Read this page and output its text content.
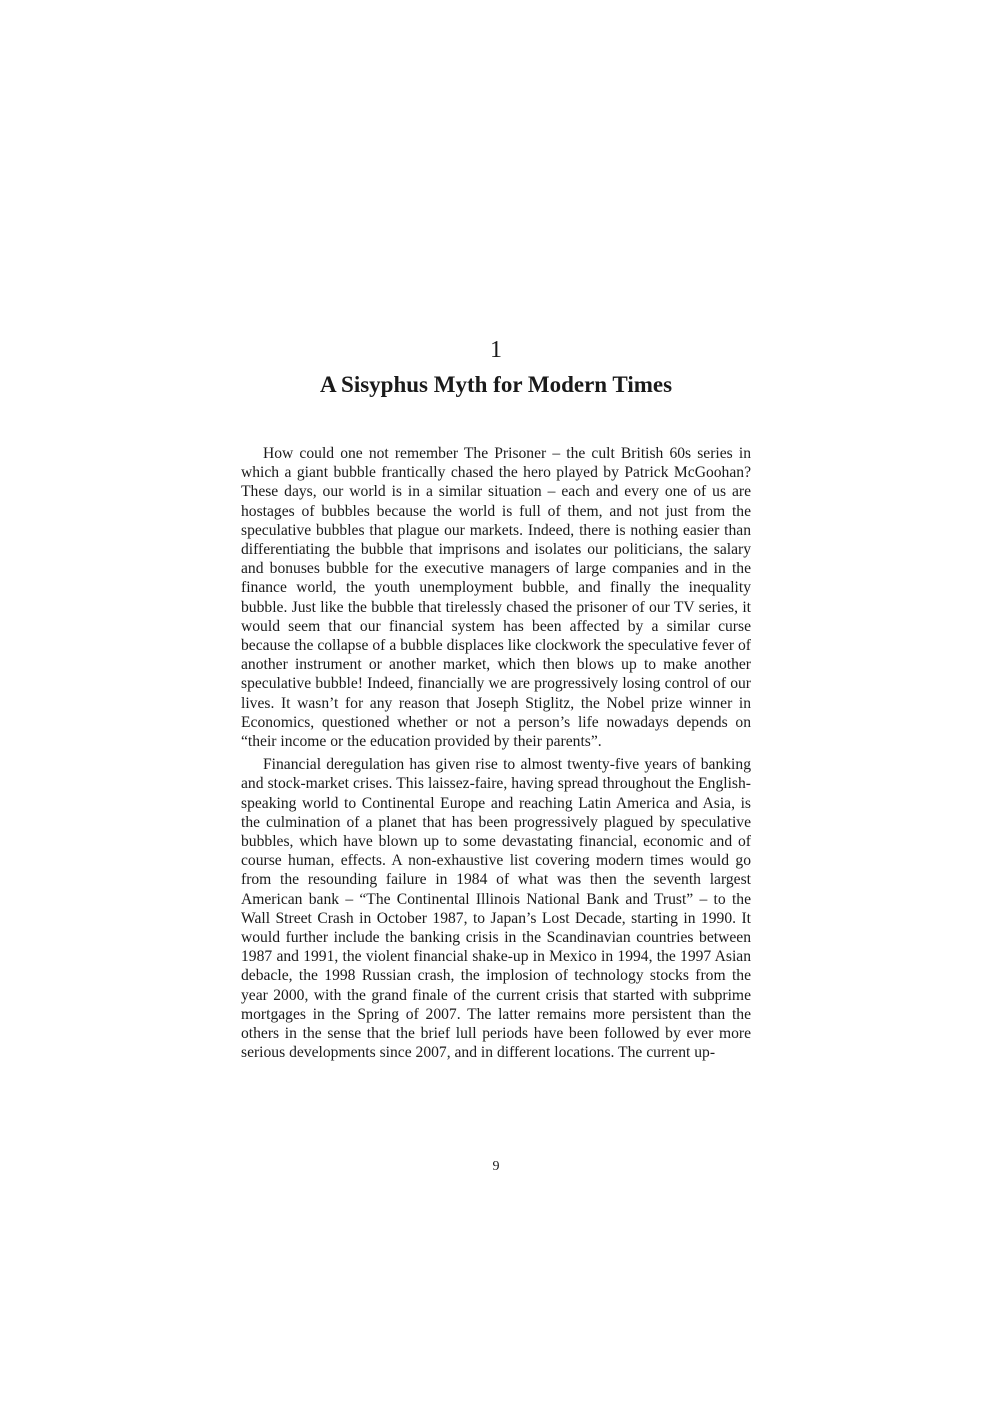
1
A Sisyphus Myth for Modern Times

How could one not remember The Prisoner – the cult British 60s series in which a giant bubble frantically chased the hero played by Patrick McGoohan? These days, our world is in a similar situation – each and every one of us are hostages of bubbles because the world is full of them, and not just from the speculative bubbles that plague our markets. Indeed, there is nothing easier than differentiating the bubble that imprisons and isolates our politicians, the salary and bonuses bubble for the executive managers of large companies and in the finance world, the youth unemployment bubble, and finally the inequality bubble. Just like the bubble that tirelessly chased the prisoner of our TV series, it would seem that our financial system has been affected by a similar curse because the collapse of a bubble displaces like clockwork the speculative fever of another instrument or another market, which then blows up to make another speculative bubble! Indeed, financially we are progressively losing control of our lives. It wasn’t for any reason that Joseph Stiglitz, the Nobel prize winner in Economics, questioned whether or not a person’s life nowadays depends on “their income or the education provided by their parents”.

Financial deregulation has given rise to almost twenty-five years of banking and stock-market crises. This laissez-faire, having spread throughout the English-speaking world to Continental Europe and reaching Latin America and Asia, is the culmination of a planet that has been progressively plagued by speculative bubbles, which have blown up to some devastating financial, economic and of course human, effects. A non-exhaustive list covering modern times would go from the resounding failure in 1984 of what was then the seventh largest American bank – “The Continental Illinois National Bank and Trust” – to the Wall Street Crash in October 1987, to Japan’s Lost Decade, starting in 1990. It would further include the banking crisis in the Scandinavian countries between 1987 and 1991, the violent financial shake-up in Mexico in 1994, the 1997 Asian debacle, the 1998 Russian crash, the implosion of technology stocks from the year 2000, with the grand finale of the current crisis that started with subprime mortgages in the Spring of 2007. The latter remains more persistent than the others in the sense that the brief lull periods have been followed by ever more serious developments since 2007, and in different locations. The current up-

9
